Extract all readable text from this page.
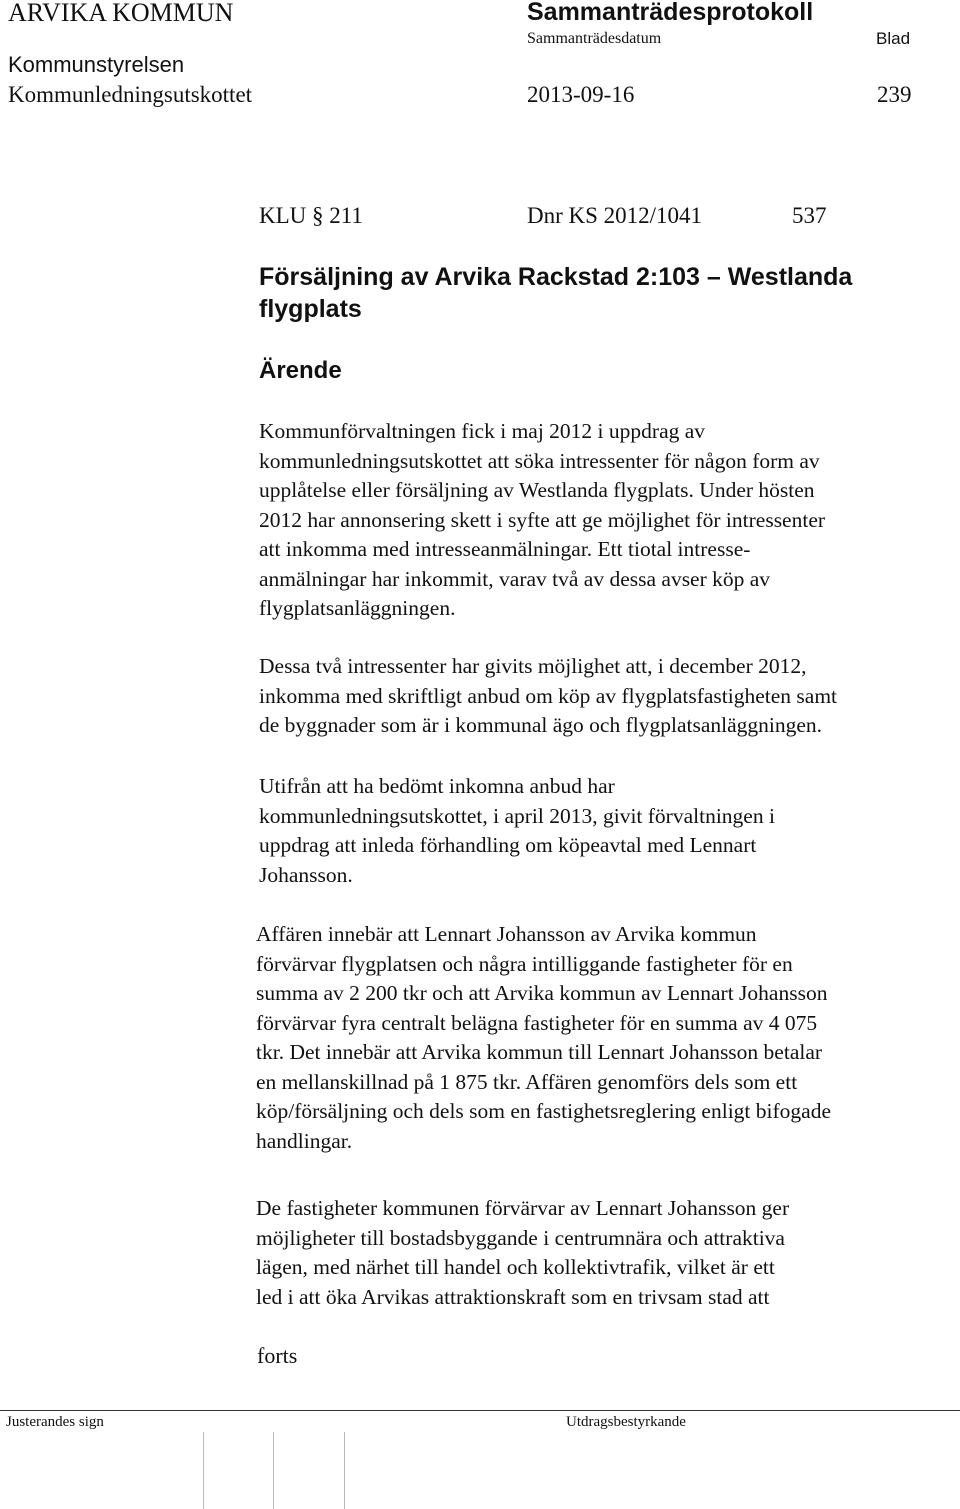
ARVIKA KOMMUN	Sammanträdesprotokoll
Sammanträdesdatum	Blad
Kommunstyrelsen
Kommunledningsutskottet	2013-09-16	239
KLU § 211	Dnr KS 2012/1041	537
Försäljning av Arvika Rackstad 2:103 – Westlanda
flygplats
Ärende
Kommunförvaltningen fick i maj 2012 i uppdrag av
kommunledningsutskottet att söka intressenter för någon form av
upplåtelse eller försäljning av Westlanda flygplats. Under hösten
2012 har annonsering skett i syfte att ge möjlighet för intressenter
att inkomma med intresseanmälningar. Ett tiotal intresse-
anmälningar har inkommit, varav två av dessa avser köp av
flygplatsanläggningen.
Dessa två intressenter har givits möjlighet att, i december 2012,
inkomma med skriftligt anbud om köp av flygplatsfastigheten samt
de byggnader som är i kommunal ägo och flygplatsanläggningen.
Utifrån att ha bedömt inkomna anbud har
kommunledningsutskottet, i april 2013, givit förvaltningen i
uppdrag att inleda förhandling om köpeavtal med Lennart
Johansson.
Affären innebär att Lennart Johansson av Arvika kommun
förvärvar flygplatsen och några intilliggande fastigheter för en
summa av 2 200 tkr och att Arvika kommun av Lennart Johansson
förvärvar fyra centralt belägna fastigheter för en summa av 4 075
tkr. Det innebär att Arvika kommun till Lennart Johansson betalar
en mellanskillnad på 1 875 tkr. Affären genomförs dels som ett
köp/försäljning och dels som en fastighetsreglering enligt bifogade
handlingar.
De fastigheter kommunen förvärvar av Lennart Johansson ger
möjligheter till bostadsbyggande i centrumnära och attraktiva
lägen, med närhet till handel och kollektivtrafik, vilket är ett
led i att öka Arvikas attraktionskraft som en trivsam stad att
forts
Justerandes sign	Utdragsbestyrkande
